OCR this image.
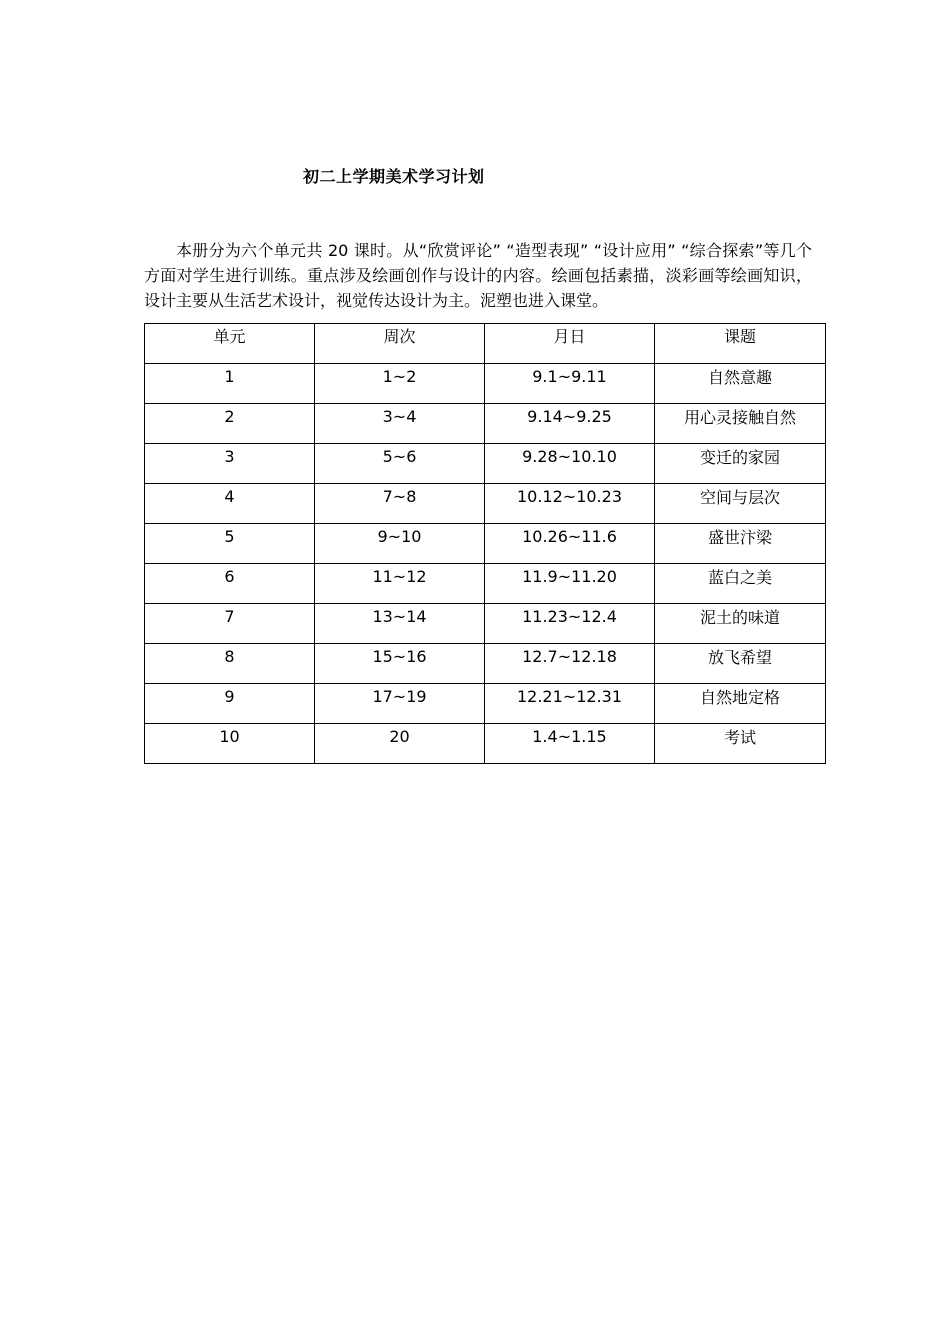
初二上学期美术学习计划

本册分为六个单元共 20 课时。从“欣赏评论” “造型表现” “设计应用” “综合探索”等几个方面对学生进行训练。重点涉及绘画创作与设计的内容。绘画包括素描，淡彩画等绘画知识，设计主要从生活艺术设计，视觉传达设计为主。泥塑也进入课堂。

单元	周次	月日	课题

1	1~2	9.1~9.11	自然意趣

2	3~4	9.14~9.25	用心灵接触自然

3	5~6	9.28~10.10	变迁的家园

4	7~8	10.12~10.23	空间与层次

5	9~10	10.26~11.6	盛世汴梁

6	11~12	11.9~11.20	蓝白之美

7	13~14	11.23~12.4	泥土的味道

8	15~16	12.7~12.18	放飞希望

9	17~19	12.21~12.31	自然地定格

10	20	1.4~1.15	考试
